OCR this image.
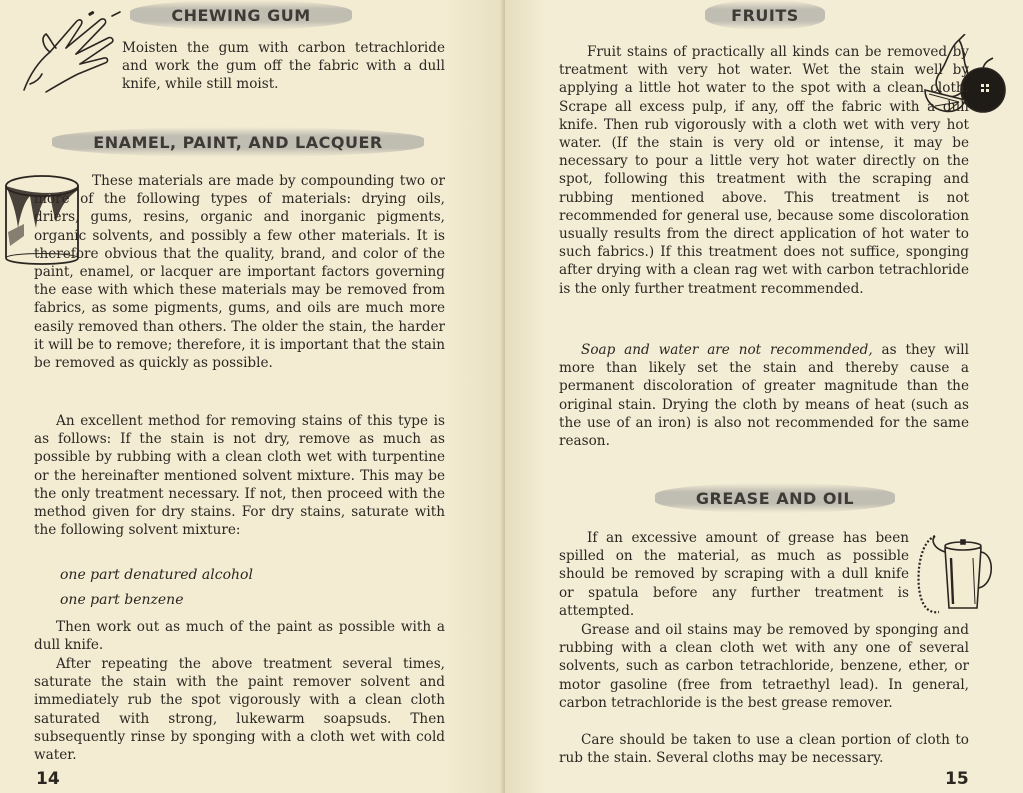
CHEWING GUM

Moisten the gum with carbon tetrachloride and work the gum off the fabric with a dull knife, while still moist.

ENAMEL, PAINT, AND LACQUER

These materials are made by compounding two or more of the following types of materials: drying oils, driers, gums, resins, organic and inorganic pigments, organic solvents, and possibly a few other materials. It is therefore obvious that the quality, brand, and color of the paint, enamel, or lacquer are important factors governing the ease with which these materials may be removed from fabrics, as some pigments, gums, and oils are much more easily removed than others. The older the stain, the harder it will be to remove; therefore, it is important that the stain be removed as quickly as possible.

An excellent method for removing stains of this type is as follows: If the stain is not dry, remove as much as possible by rubbing with a clean cloth wet with turpentine or the hereinafter mentioned solvent mixture. This may be the only treatment necessary. If not, then proceed with the method given for dry stains. For dry stains, saturate with the following solvent mixture:

one part denatured alcohol

one part benzene

Then work out as much of the paint as possible with a dull knife.

After repeating the above treatment several times, saturate the stain with the paint remover solvent and immediately rub the spot vigorously with a clean cloth saturated with strong, lukewarm soapsuds. Then subsequently rinse by sponging with a cloth wet with cold water.

14
FRUITS

Fruit stains of practically all kinds can be removed by treatment with very hot water. Wet the stain well by applying a little hot water to the spot with a clean cloth. Scrape all excess pulp, if any, off the fabric with a dull knife. Then rub vigorously with a cloth wet with very hot water. (If the stain is very old or intense, it may be necessary to pour a little very hot water directly on the spot, following this treatment with the scraping and rubbing mentioned above. This treatment is not recommended for general use, because some discoloration usually results from the direct application of hot water to such fabrics.) If this treatment does not suffice, sponging after drying with a clean rag wet with carbon tetrachloride is the only further treatment recommended.

Soap and water are not recommended, as they will more than likely set the stain and thereby cause a permanent discoloration of greater magnitude than the original stain. Drying the cloth by means of heat (such as the use of an iron) is also not recommended for the same reason.

GREASE AND OIL

If an excessive amount of grease has been spilled on the material, as much as possible should be removed by scraping with a dull knife or spatula before any further treatment is attempted.

Grease and oil stains may be removed by sponging and rubbing with a clean cloth wet with any one of several solvents, such as carbon tetrachloride, benzene, ether, or motor gasoline (free from tetraethyl lead). In general, carbon tetrachloride is the best grease remover.

Care should be taken to use a clean portion of cloth to rub the stain. Several cloths may be necessary.

15
